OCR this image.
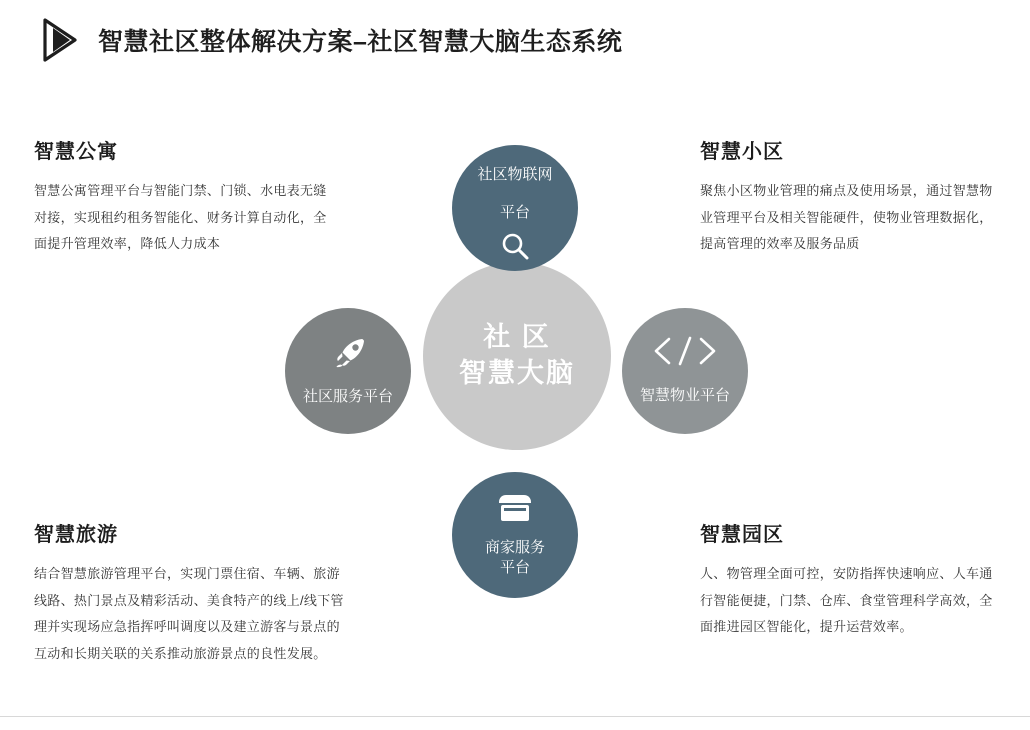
智慧社区整体解决方案–社区智慧大脑生态系统
社 区
智慧大脑
社区物联网
平台
社区服务平台	智慧物业平台
商家服务
平台
智慧公寓

智慧公寓管理平台与智能门禁、门锁、水电表无缝对接，实现租约租务智能化、财务计算自动化，全面提升管理效率，降低人力成本

智慧小区

聚焦小区物业管理的痛点及使用场景，通过智慧物业管理平台及相关智能硬件，使物业管理数据化，提高管理的效率及服务品质

智慧旅游

结合智慧旅游管理平台，实现门票住宿、车辆、旅游线路、热门景点及精彩活动、美食特产的线上/线下管理并实现场应急指挥呼叫调度以及建立游客与景点的互动和长期关联的关系推动旅游景点的良性发展。

智慧园区

人、物管理全面可控，安防指挥快速响应、人车通行智能便捷，门禁、仓库、食堂管理科学高效，全面推进园区智能化，提升运营效率。
